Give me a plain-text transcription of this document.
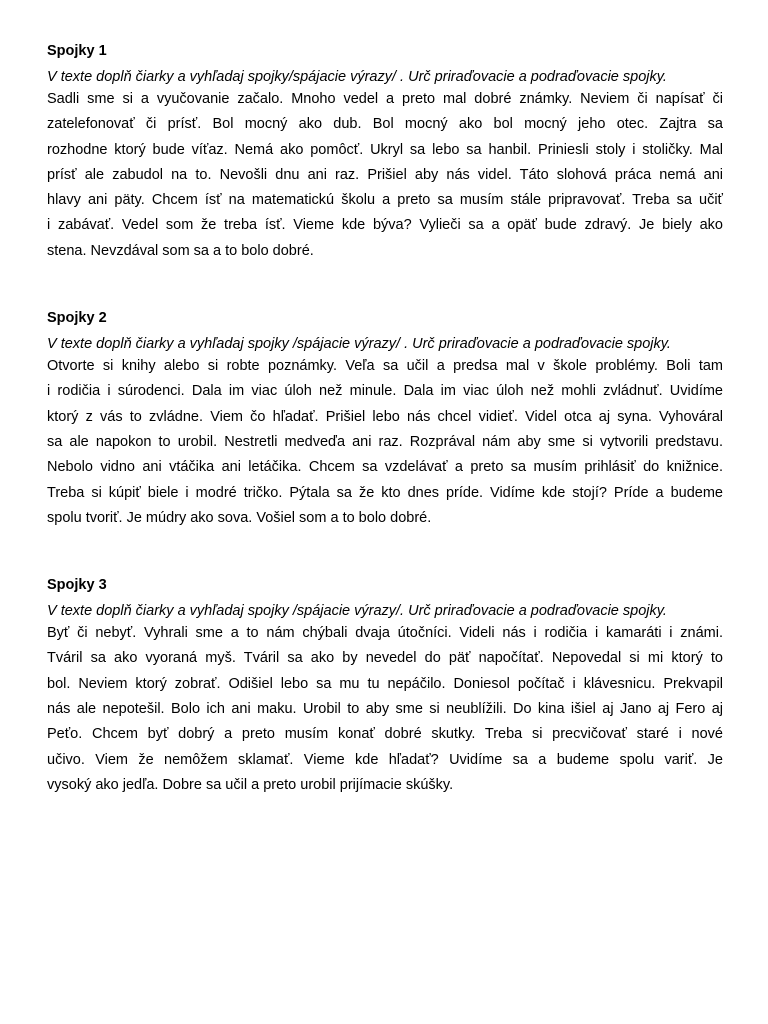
Spojky 1

V texte doplň čiarky a vyhľadaj spojky/spájacie výrazy/ . Urč priraďovacie a podraďovacie spojky.

Sadli sme si a vyučovanie začalo. Mnoho vedel a preto mal dobré známky. Neviem či napísať či
zatelefonovať či prísť. Bol mocný ako dub. Bol mocný ako bol mocný jeho otec. Zajtra sa
rozhodne ktorý bude víťaz. Nemá ako pomôcť. Ukryl sa lebo sa hanbil. Priniesli stoly i stoličky. Mal
prísť ale zabudol na to. Nevošli dnu ani raz. Prišiel aby nás videl. Táto slohová práca nemá ani
hlavy ani päty. Chcem ísť na matematickú školu a preto sa musím stále pripravovať. Treba sa učiť
i zabávať. Vedel som že treba ísť. Vieme kde býva? Vylieči sa a opäť bude zdravý. Je biely ako
stena. Nevzdával som sa a to bolo dobré.

Spojky 2

V texte doplň čiarky a vyhľadaj spojky /spájacie výrazy/ . Urč priraďovacie a podraďovacie spojky.

Otvorte si knihy alebo si robte poznámky. Veľa sa učil a predsa mal v škole problémy. Boli tam
i rodičia i súrodenci. Dala im viac úloh než minule. Dala im viac úloh než mohli zvládnuť. Uvidíme
ktorý z vás to zvládne. Viem čo hľadať. Prišiel lebo nás chcel vidieť. Videl otca aj syna. Vyhováral
sa ale napokon to urobil. Nestretli medveďa ani raz. Rozprával nám aby sme si vytvorili predstavu.
Nebolo vidno ani vtáčika ani letáčika. Chcem sa vzdelávať a preto sa musím prihlásiť do knižnice.
Treba si kúpiť biele i modré tričko. Pýtala sa že kto dnes príde. Vidíme kde stojí? Príde a budeme
spolu tvoriť. Je múdry ako sova. Vošiel som a to bolo dobré.

Spojky 3

V texte doplň čiarky a vyhľadaj spojky /spájacie výrazy/. Urč priraďovacie a podraďovacie spojky.

Byť či nebyť. Vyhrali sme a to nám chýbali dvaja útočníci. Videli nás i rodičia i kamaráti i známi.
Tváril sa ako vyoraná myš. Tváril sa ako by nevedel do päť napočítať. Nepovedal si mi ktorý to
bol. Neviem ktorý zobrať. Odišiel lebo sa mu tu nepáčilo. Doniesol počítač i klávesnicu. Prekvapil
nás ale nepotešil. Bolo ich ani maku. Urobil to aby sme si neublížili. Do kina išiel aj Jano aj Fero aj
Peťo. Chcem byť dobrý a preto musím konať dobré skutky. Treba si precvičovať staré i nové
učivo. Viem že nemôžem sklamať. Vieme kde hľadať? Uvidíme sa a budeme spolu variť. Je
vysoký ako jedľa. Dobre sa učil a preto urobil prijímacie skúšky.
